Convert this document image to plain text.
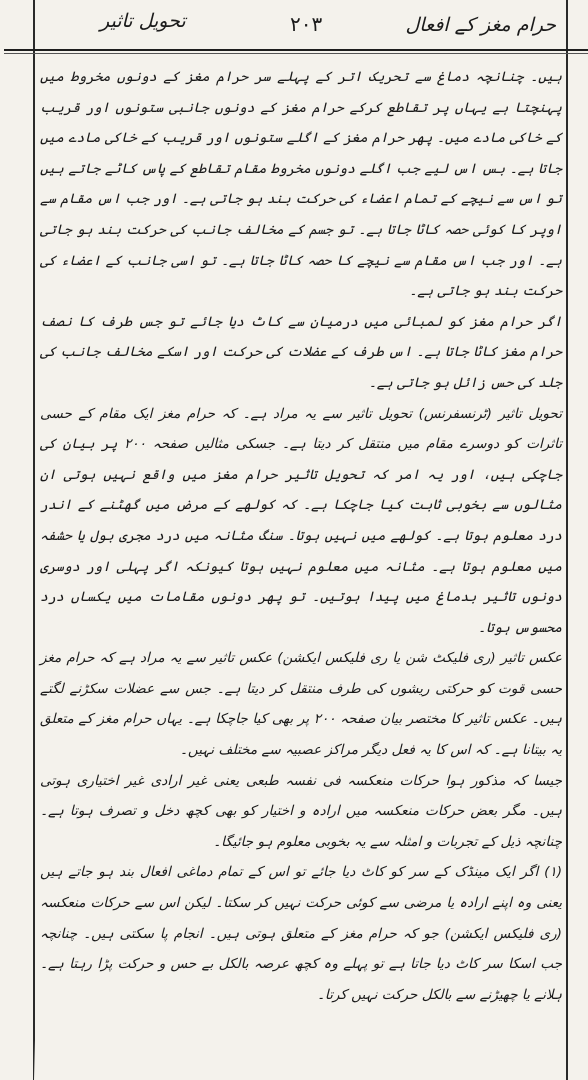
حرام مغز کے افعال
۲۰۳
تحویل تاثیر

ہیں۔ چنانچہ دماغ سے تحریک اتر کے پہلے سر حرام مغز کے دونوں مخروط میں پہنچتا ہے یہاں پر تقاطع کرکے حرام مغز کے دونوں جانبی ستونوں اور قریب کے خاکی مادے میں۔ پھر حرام مغز کے اگلے ستونوں اور قریب کے خاکی مادے میں جاتا ہے۔ بس اس لیے جب اگلے دونوں مخروط مقام تقاطع کے پاس کاٹے جاتے ہیں تو اس سے نیچے کے تمام اعضاء کی حرکت بند ہو جاتی ہے۔ اور جب اس مقام سے اوپر کا کوئی حصہ کاٹا جاتا ہے۔ تو جسم کے مخالف جانب کی حرکت بند ہو جاتی ہے۔ اور جب اس مقام سے نیچے کا حصہ کاٹا جاتا ہے۔ تو اسی جانب کے اعضاء کی حرکت بند ہو جاتی ہے۔

اگر حرام مغز کو لمبائی میں درمیان سے کاٹ دیا جائے تو جس طرف کا نصف حرام مغز کاٹا جاتا ہے۔ اس طرف کے عضلات کی حرکت اور اسکے مخالف جانب کی جلد کی حس زائل ہو جاتی ہے۔

تحویل تاثیر (ٹرنسفرنس) تحویل تاثیر سے یہ مراد ہے۔ کہ حرام مغز ایک مقام کے حسی تاثرات کو دوسرے مقام میں منتقل کر دیتا ہے۔ جسکی مثالیں صفحہ ۲۰۰ پر بیان کی جاچکی ہیں، اور یہ امر کہ تحویل تاثیر حرام مغز میں واقع نہیں ہوتی ان مثالوں سے بخوبی ثابت کیا جاچکا ہے۔ کہ کولھے کے مرض میں گھٹنے کے اندر درد معلوم ہوتا ہے۔ کولھے میں نہیں ہوتا۔ سنگ مثانہ میں درد مجری بول یا حشفہ میں معلوم ہوتا ہے۔ مثانہ میں معلوم نہیں ہوتا کیونکہ اگر پہلی اور دوسری دونوں تاثیر بدماغ میں پیدا ہوتیں۔ تو پھر دونوں مقامات میں یکساں درد محسوس ہوتا۔

عکس تاثیر (ری فلیکٹ شن یا ری فلیکس ایکشن) عکس تاثیر سے یہ مراد ہے کہ حرام مغز حسی قوت کو حرکتی ریشوں کی طرف منتقل کر دیتا ہے۔ جس سے عضلات سکڑنے لگتے ہیں۔ عکس تاثیر کا مختصر بیان صفحہ ۲۰۰ پر بھی کیا جاچکا ہے۔ یہاں حرام مغز کے متعلق یہ بیتانا ہے۔ کہ اس کا یہ فعل دیگر مراکز عصبیہ سے مختلف نہیں۔

جیسا کہ مذکور ہوا حرکات منعکسہ فی نفسہ طبعی یعنی غیر ارادی غیر اختیاری ہوتی ہیں۔ مگر بعض حرکات منعکسہ میں ارادہ و اختیار کو بھی کچھ دخل و تصرف ہوتا ہے۔ چنانچہ ذیل کے تجربات و امثلہ سے یہ بخوبی معلوم ہو جائیگا۔

(۱) اگر ایک مینڈک کے سر کو کاٹ دیا جائے تو اس کے تمام دماغی افعال بند ہو جاتے ہیں یعنی وہ اپنے ارادہ یا مرضی سے کوئی حرکت نہیں کر سکتا۔ لیکن اس سے حرکات منعکسہ (ری فلیکس ایکشن) جو کہ حرام مغز کے متعلق ہوتی ہیں۔ انجام پا سکتی ہیں۔ چنانچہ جب اسکا سر کاٹ دیا جاتا ہے تو پہلے وہ کچھ عرصہ بالکل بے حس و حرکت پڑا رہتا ہے۔ ہلانے یا چھیڑنے سے بالکل حرکت نہیں کرتا۔
